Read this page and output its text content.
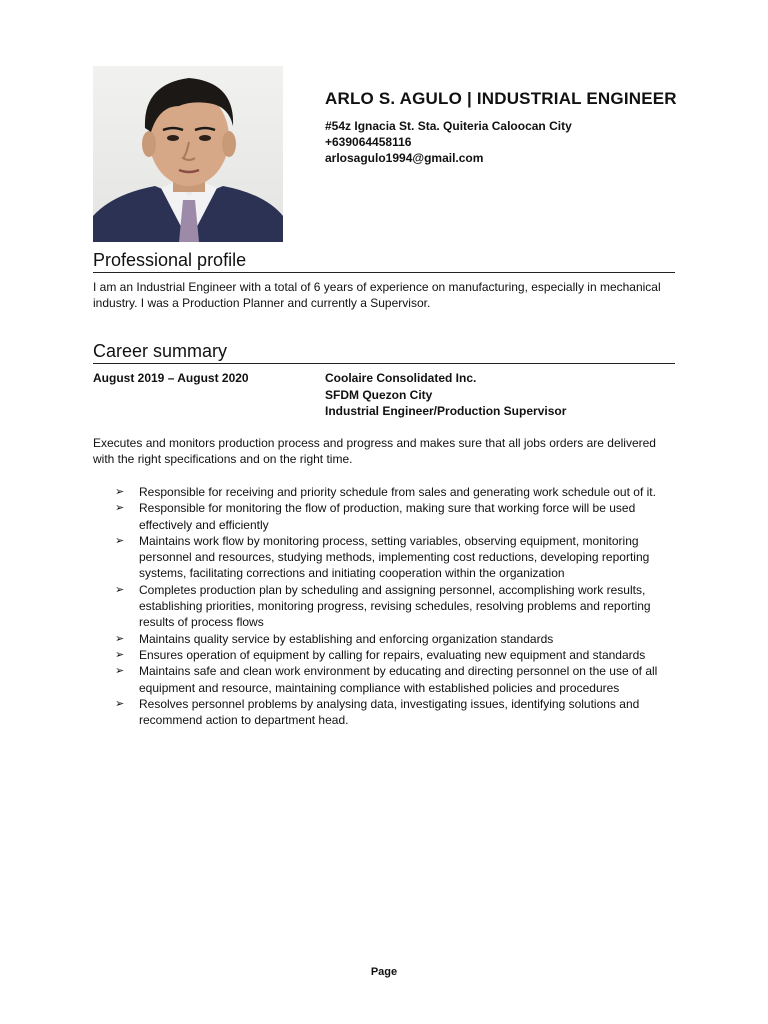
ARLO S. AGULO | INDUSTRIAL ENGINEER
#54z Ignacia St. Sta. Quiteria Caloocan City
+639064458116
arlosagulo1994@gmail.com
Professional profile
I am an Industrial Engineer with a total of 6 years of experience on manufacturing, especially in mechanical industry. I was a Production Planner and currently a Supervisor.
Career summary
August 2019 – August 2020	Coolaire Consolidated Inc.
SFDM Quezon City
Industrial Engineer/Production Supervisor
Executes and monitors production process and progress and makes sure that all jobs orders are delivered with the right specifications and on the right time.
➢ Responsible for receiving and priority schedule from sales and generating work schedule out of it.
➢ Responsible for monitoring the flow of production, making sure that working force will be used effectively and efficiently
➢ Maintains work flow by monitoring process, setting variables, observing equipment, monitoring personnel and resources, studying methods, implementing cost reductions, developing reporting systems, facilitating corrections and initiating cooperation within the organization
➢ Completes production plan by scheduling and assigning personnel, accomplishing work results, establishing priorities, monitoring progress, revising schedules, resolving problems and reporting results of process flows
➢ Maintains quality service by establishing and enforcing organization standards
➢ Ensures operation of equipment by calling for repairs, evaluating new equipment and standards
➢ Maintains safe and clean work environment by educating and directing personnel on the use of all equipment and resource, maintaining compliance with established policies and procedures
➢ Resolves personnel problems by analysing data, investigating issues, identifying solutions and recommend action to department head.
Page
